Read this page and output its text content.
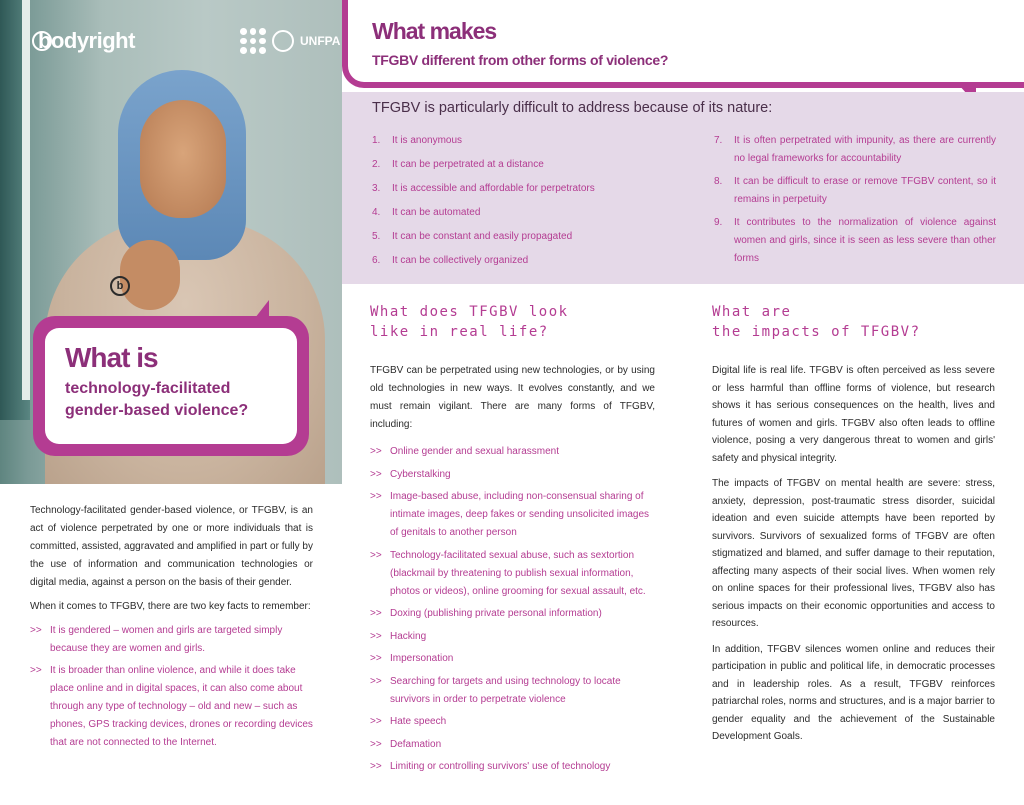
b
bodyright	UNFPA
What is
technology-facilitated gender-based violence?

Technology-facilitated gender-based violence, or TFGBV, is an act of violence perpetrated by one or more individuals that is committed, assisted, aggravated and amplified in part or fully by the use of information and communication technologies or digital media, against a person on the basis of their gender.

When it comes to TFGBV, there are two key facts to remember:

>> It is gendered – women and girls are targeted simply because they are women and girls.
>> It is broader than online violence, and while it does take place online and in digital spaces, it can also come about through any type of technology – old and new – such as phones, GPS tracking devices, drones or recording devices that are not connected to the Internet.
What makes
TFGBV different from other forms of violence?
TFGBV is particularly difficult to address because of its nature:
1.	It is anonymous
2.	It can be perpetrated at a distance
3.	It is accessible and affordable for perpetrators
4.	It can be automated
5.	It can be constant and easily propagated
6.	It can be collectively organized
7.	It is often perpetrated with impunity, as there are currently no legal frameworks for accountability
8.	It can be difficult to erase or remove TFGBV content, so it remains in perpetuity
9.	It contributes to the normalization of violence against women and girls, since it is seen as less severe than other forms
What does TFGBV look
like in real life?
TFGBV can be perpetrated using new technologies, or by using old technologies in new ways. It evolves constantly, and we must remain vigilant. There are many forms of TFGBV, including:
>> Online gender and sexual harassment
>> Cyberstalking
>> Image-based abuse, including non-consensual sharing of intimate images, deep fakes or sending unsolicited images of genitals to another person
>> Technology-facilitated sexual abuse, such as sextortion (blackmail by threatening to publish sexual information, photos or videos), online grooming for sexual assault, etc.
>> Doxing (publishing private personal information)
>> Hacking
>> Impersonation
>> Searching for targets and using technology to locate survivors in order to perpetrate violence
>> Hate speech
>> Defamation
>> Limiting or controlling survivors' use of technology
What are
the impacts of TFGBV?

Digital life is real life. TFGBV is often perceived as less severe or less harmful than offline forms of violence, but research shows it has serious consequences on the health, lives and futures of women and girls. TFGBV also often leads to offline violence, posing a very dangerous threat to women and girls' safety and physical integrity.

The impacts of TFGBV on mental health are severe: stress, anxiety, depression, post-traumatic stress disorder, suicidal ideation and even suicide attempts have been reported by survivors. Survivors of sexualized forms of TFGBV are often stigmatized and blamed, and suffer damage to their reputation, affecting many aspects of their social lives. When women rely on online spaces for their professional lives, TFGBV also has serious impacts on their economic opportunities and access to resources.

In addition, TFGBV silences women online and reduces their participation in public and political life, in democratic processes and in leadership roles. As a result, TFGBV reinforces patriarchal roles, norms and structures, and is a major barrier to gender equality and the achievement of the Sustainable Development Goals.
